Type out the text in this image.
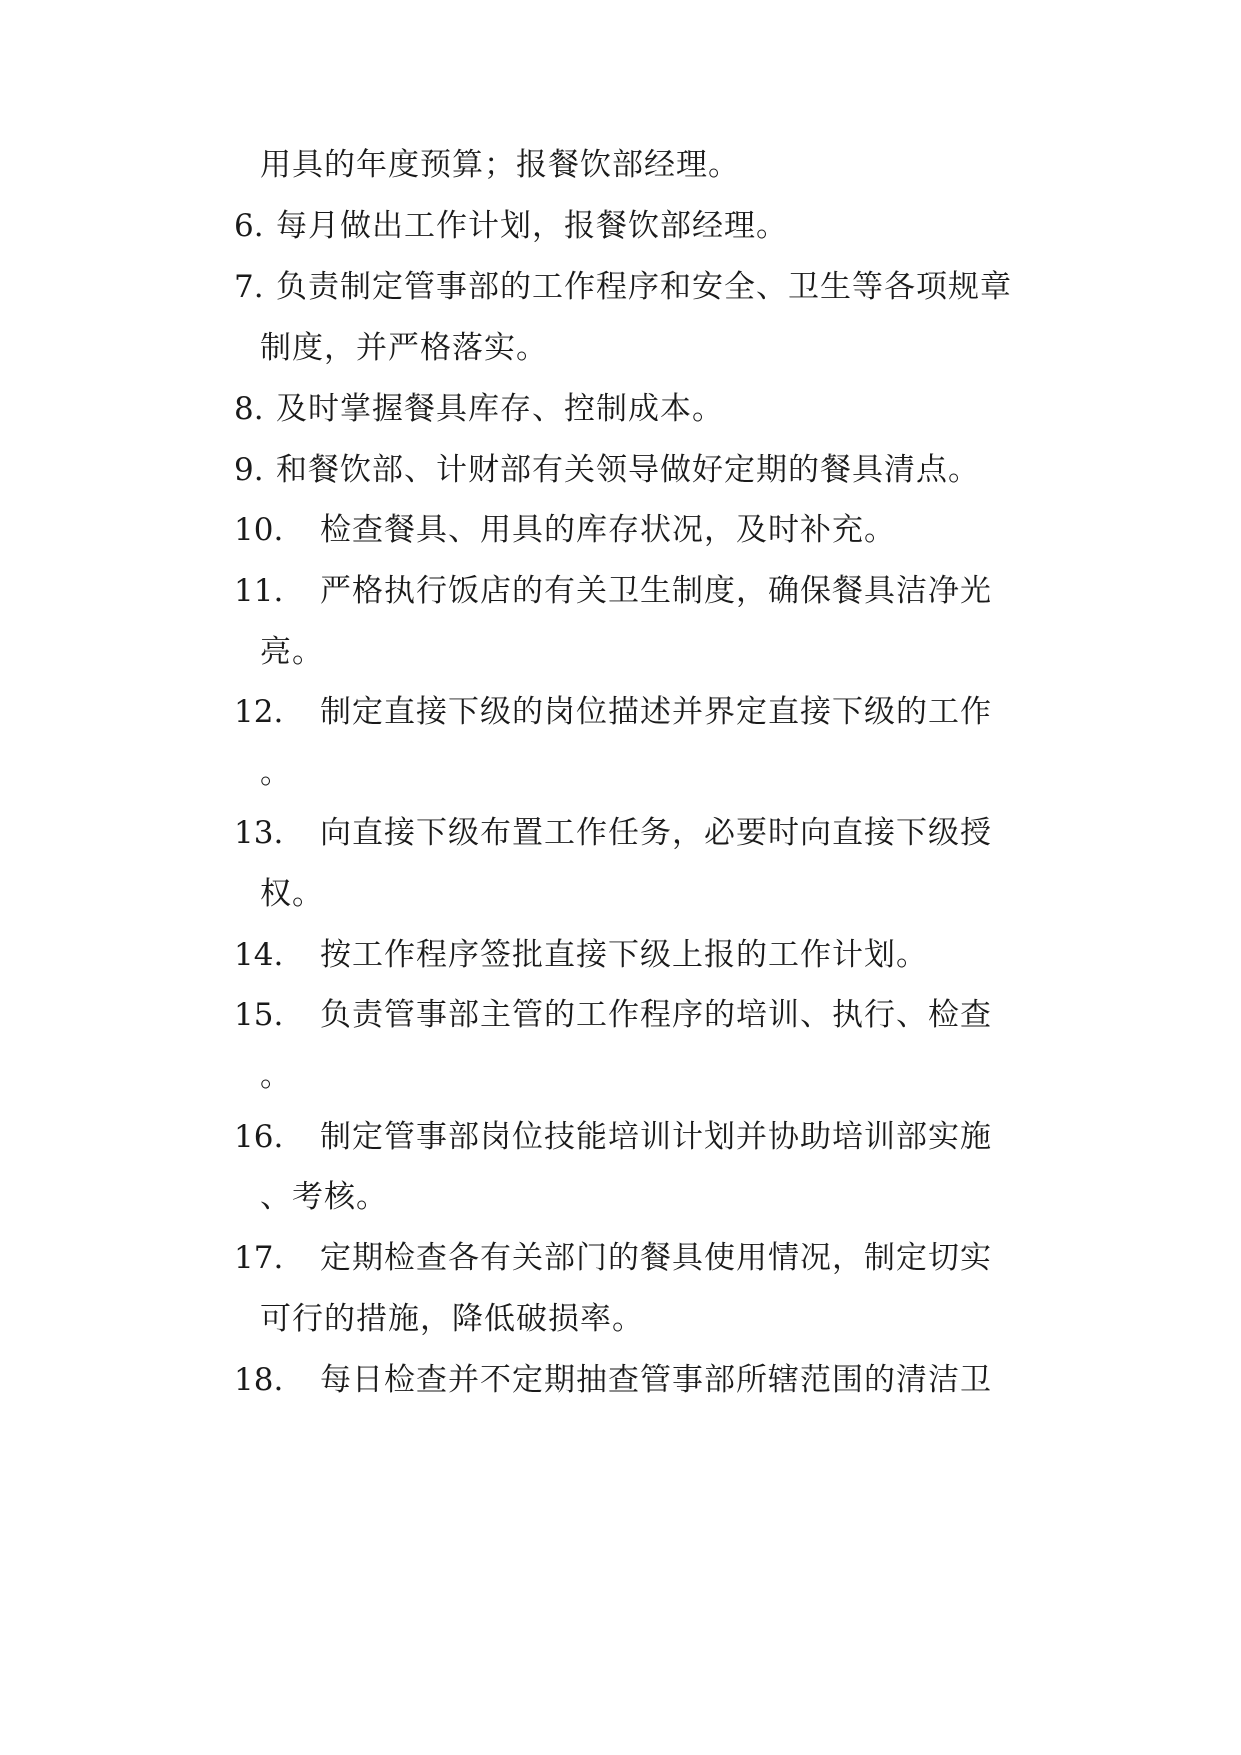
用具的年度预算；报餐饮部经理。
6. 每月做出工作计划，报餐饮部经理。
7. 负责制定管事部的工作程序和安全、卫生等各项规章
制度，并严格落实。
8. 及时掌握餐具库存、控制成本。
9. 和餐饮部、计财部有关领导做好定期的餐具清点。
10. 检查餐具、用具的库存状况，及时补充。
11. 严格执行饭店的有关卫生制度，确保餐具洁净光
亮。
12. 制定直接下级的岗位描述并界定直接下级的工作
。
13. 向直接下级布置工作任务，必要时向直接下级授
权。
14. 按工作程序签批直接下级上报的工作计划。
15. 负责管事部主管的工作程序的培训、执行、检查
。
16. 制定管事部岗位技能培训计划并协助培训部实施
、考核。
17. 定期检查各有关部门的餐具使用情况，制定切实
可行的措施，降低破损率。
18. 每日检查并不定期抽查管事部所辖范围的清洁卫
